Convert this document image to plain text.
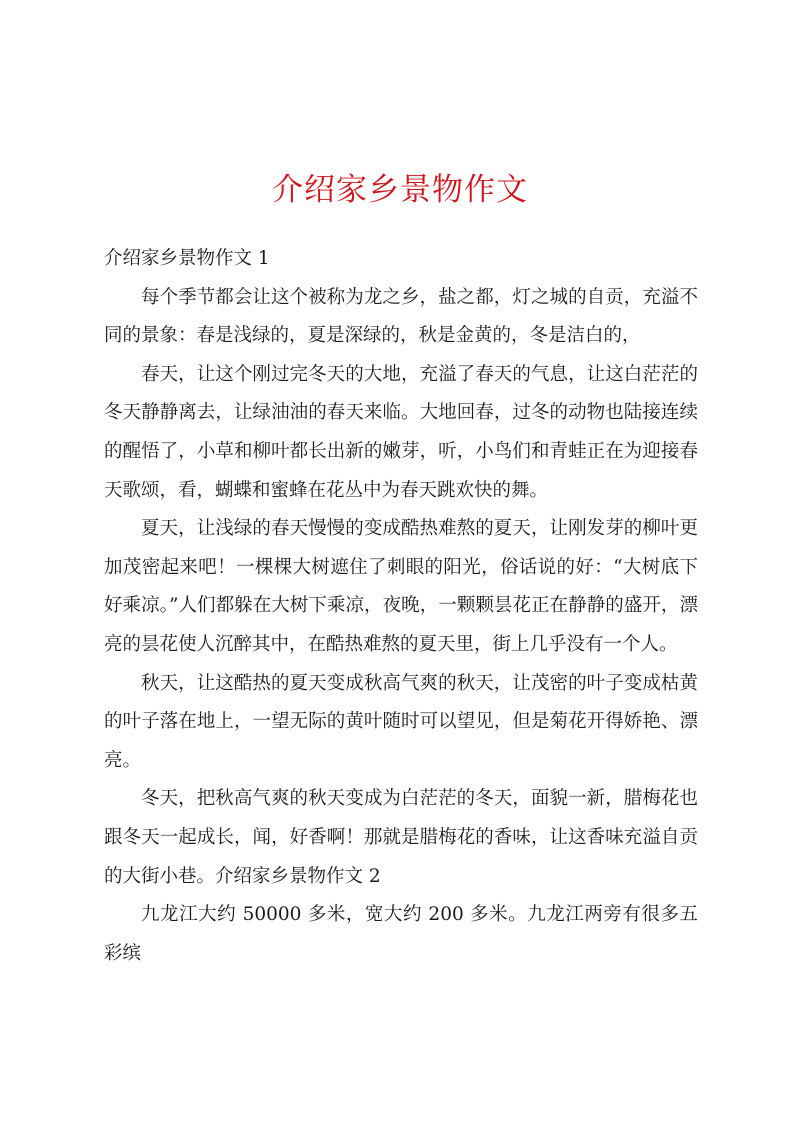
介绍家乡景物作文

介绍家乡景物作文 1

每个季节都会让这个被称为龙之乡，盐之都，灯之城的自贡，充溢不同的景象：春是浅绿的，夏是深绿的，秋是金黄的，冬是洁白的，

春天，让这个刚过完冬天的大地，充溢了春天的气息，让这白茫茫的冬天静静离去，让绿油油的春天来临。大地回春，过冬的动物也陆接连续的醒悟了，小草和柳叶都长出新的嫩芽，听，小鸟们和青蛙正在为迎接春天歌颂，看，蝴蝶和蜜蜂在花丛中为春天跳欢快的舞。

夏天，让浅绿的春天慢慢的变成酷热难熬的夏天，让刚发芽的柳叶更加茂密起来吧！一棵棵大树遮住了刺眼的阳光，俗话说的好：“大树底下好乘凉。”人们都躲在大树下乘凉，夜晚，一颗颗昙花正在静静的盛开，漂亮的昙花使人沉醉其中，在酷热难熬的夏天里，街上几乎没有一个人。

秋天，让这酷热的夏天变成秋高气爽的秋天，让茂密的叶子变成枯黄的叶子落在地上，一望无际的黄叶随时可以望见，但是菊花开得娇艳、漂亮。

冬天，把秋高气爽的秋天变成为白茫茫的冬天，面貌一新，腊梅花也跟冬天一起成长，闻，好香啊！那就是腊梅花的香味，让这香味充溢自贡的大街小巷。介绍家乡景物作文 2

九龙江大约 50000 多米，宽大约 200 多米。九龙江两旁有很多五彩缤
